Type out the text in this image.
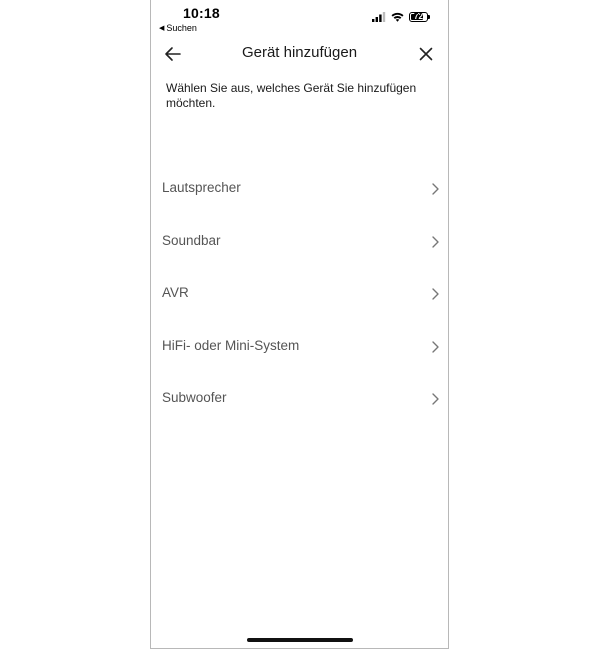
10:18
◀ Suchen
72
Gerät hinzufügen
Wählen Sie aus, welches Gerät Sie hinzufügen möchten.
Lautsprecher
Soundbar
AVR
HiFi- oder Mini-System
Subwoofer
